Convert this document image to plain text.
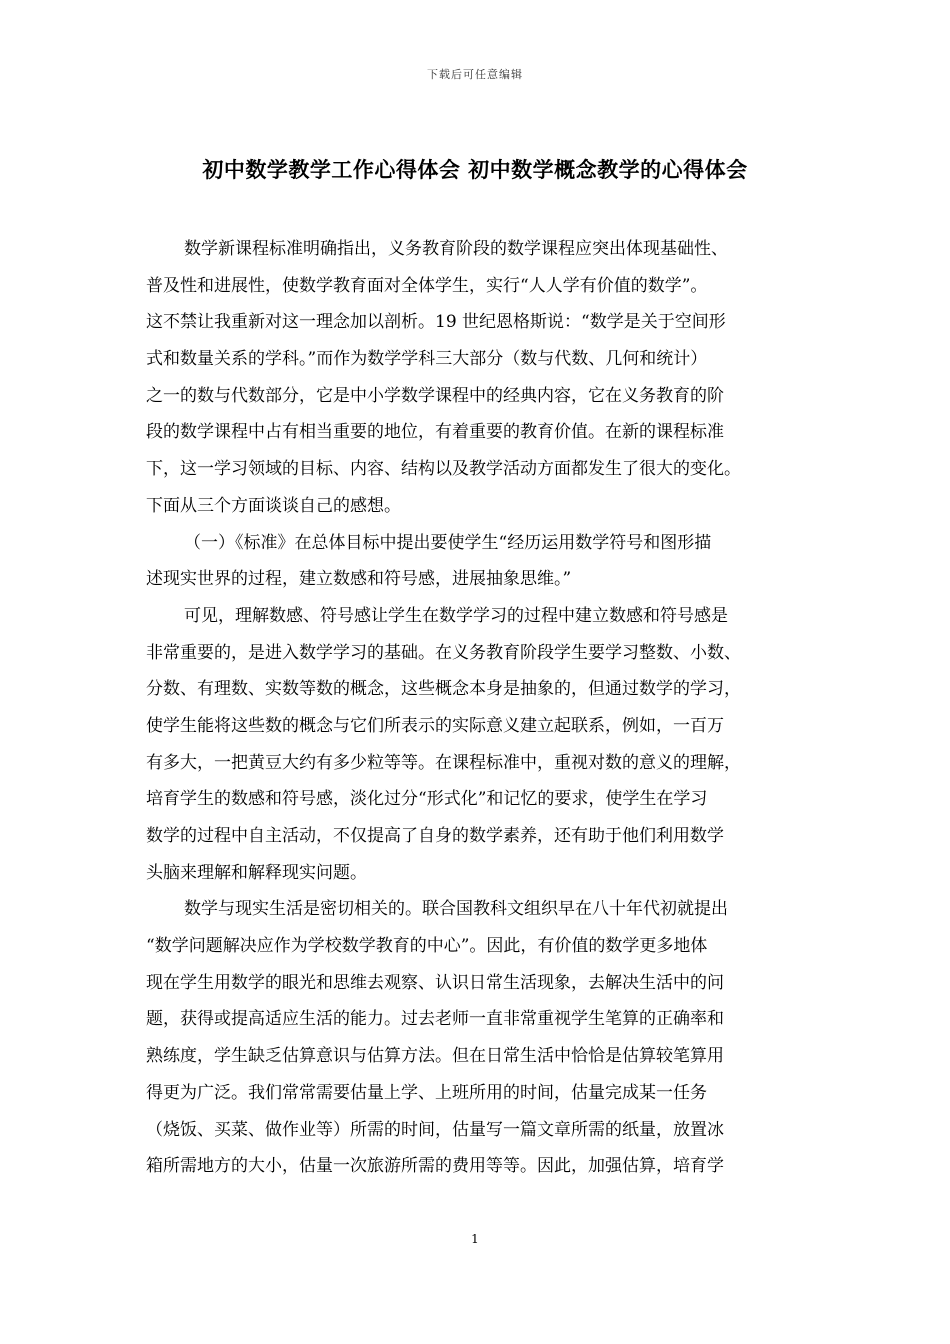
下载后可任意编辑
初中数学教学工作心得体会 初中数学概念教学的心得体会
数学新课程标准明确指出，义务教育阶段的数学课程应突出体现基础性、
普及性和进展性，使数学教育面对全体学生，实行“人人学有价值的数学”。
这不禁让我重新对这一理念加以剖析。19 世纪恩格斯说：“数学是关于空间形
式和数量关系的学科。”而作为数学学科三大部分（数与代数、几何和统计）
之一的数与代数部分，它是中小学数学课程中的经典内容，它在义务教育的阶
段的数学课程中占有相当重要的地位，有着重要的教育价值。在新的课程标准
下，这一学习领域的目标、内容、结构以及教学活动方面都发生了很大的变化。
下面从三个方面谈谈自己的感想。
（一）《标准》在总体目标中提出要使学生“经历运用数学符号和图形描
述现实世界的过程，建立数感和符号感，进展抽象思维。”
可见，理解数感、符号感让学生在数学学习的过程中建立数感和符号感是
非常重要的，是进入数学学习的基础。在义务教育阶段学生要学习整数、小数、
分数、有理数、实数等数的概念，这些概念本身是抽象的，但通过数学的学习，
使学生能将这些数的概念与它们所表示的实际意义建立起联系，例如，一百万
有多大，一把黄豆大约有多少粒等等。在课程标准中，重视对数的意义的理解，
培育学生的数感和符号感，淡化过分“形式化”和记忆的要求，使学生在学习
数学的过程中自主活动，不仅提高了自身的数学素养，还有助于他们利用数学
头脑来理解和解释现实问题。
数学与现实生活是密切相关的。联合国教科文组织早在八十年代初就提出
“数学问题解决应作为学校数学教育的中心”。因此，有价值的数学更多地体
现在学生用数学的眼光和思维去观察、认识日常生活现象，去解决生活中的问
题，获得或提高适应生活的能力。过去老师一直非常重视学生笔算的正确率和
熟练度，学生缺乏估算意识与估算方法。但在日常生活中恰恰是估算较笔算用
得更为广泛。我们常常需要估量上学、上班所用的时间，估量完成某一任务
（烧饭、买菜、做作业等）所需的时间，估量写一篇文章所需的纸量，放置冰
箱所需地方的大小，估量一次旅游所需的费用等等。因此，加强估算，培育学
1
